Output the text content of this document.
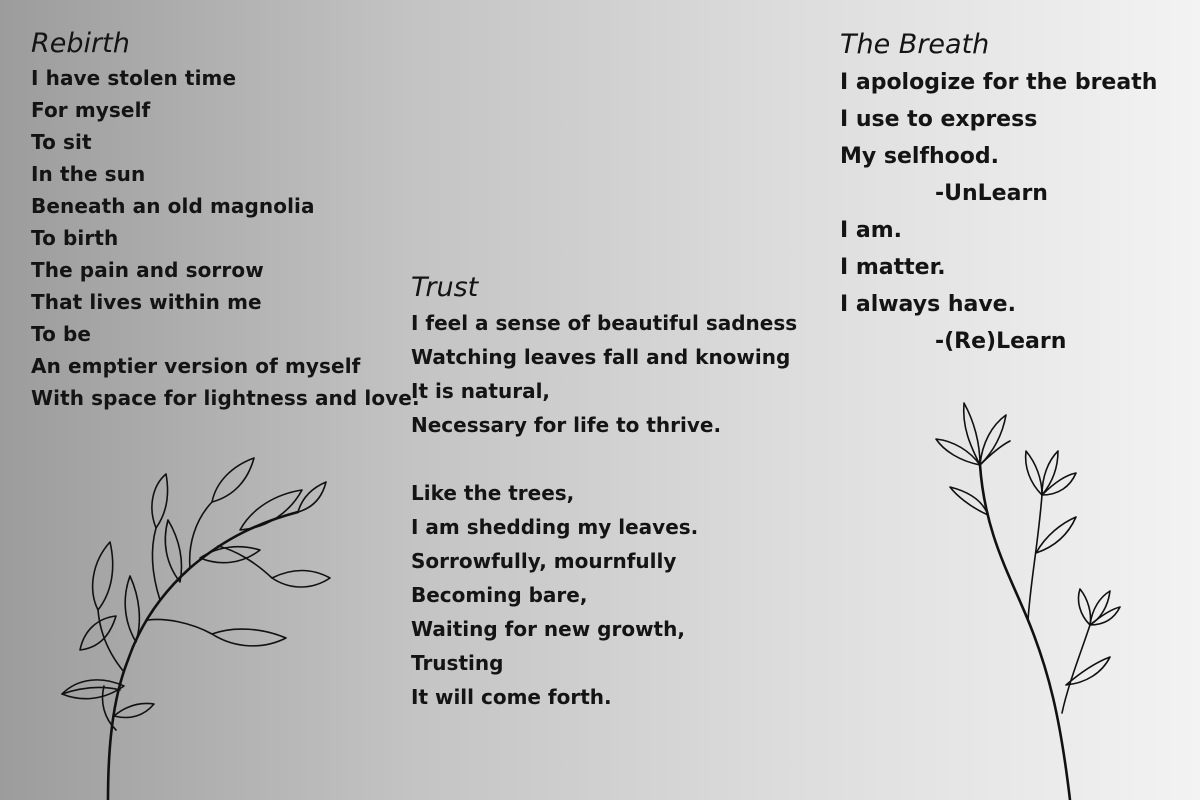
Rebirth
I have stolen time
For myself
To sit
In the sun
Beneath an old magnolia
To birth
The pain and sorrow
That lives within me
To be
An emptier version of myself
With space for lightness and love.
Trust
I feel a sense of beautiful sadness
Watching leaves fall and knowing
It is natural,
Necessary for life to thrive.
Like the trees,
I am shedding my leaves.
Sorrowfully, mournfully
Becoming bare,
Waiting for new growth,
Trusting
It will come forth.
The Breath
I apologize for the breath
I use to express
My selfhood.
-UnLearn
I am.
I matter.
I always have.
-(Re)Learn
